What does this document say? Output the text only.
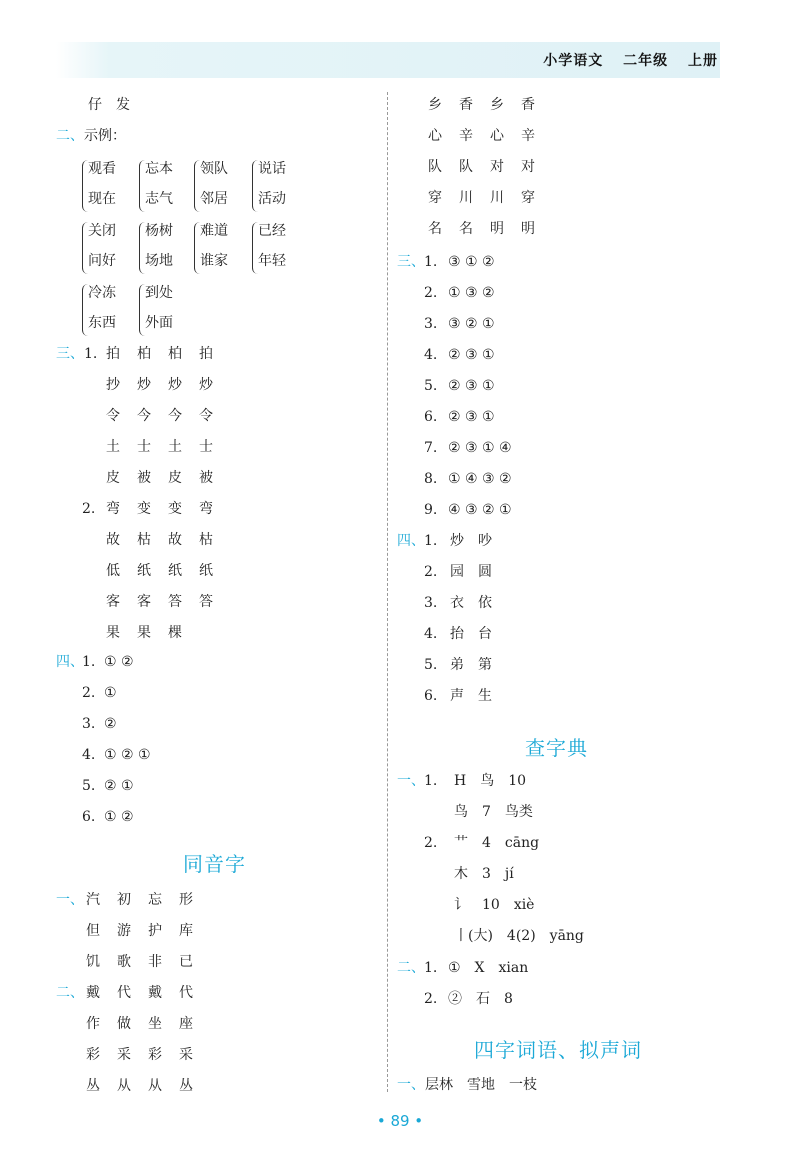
小学语文 二年级 上册
仔　发
二、示例：
观看
现在
忘本
志气
领队
邻居
说话
活动
关闭
问好
杨树
场地
难道
谁家
已经
年轻
冷冻
东西
到处
外面
三、1. 拍 柏 柏 拍
抄 炒 炒 炒
令 今 今 令
土 士 土 士
皮 被 皮 被
2. 弯 变 变 弯
故 枯 故 枯
低 纸 纸 纸
客 客 答 答
果 果 棵
四、
1. ① ②
2. ①
3. ②
4. ① ② ①
5. ② ①
6. ① ②
同音字
一、 汽 初 忘 形
但 游 护 库
饥 歌 非 已
二、 戴 代 戴 代
作 做 坐 座
彩 采 彩 采
丛 从 从 丛
乡 香 乡 香
心 辛 心 辛
队 队 对 对
穿 川 川 穿
名 名 明 明
三、 1. ③ ① ②
2. ① ③ ②
3. ③ ② ①
4. ② ③ ①
5. ② ③ ①
6. ② ③ ①
7. ② ③ ① ④
8. ① ④ ③ ②
9. ④ ③ ② ①
四、 1. 炒　吵
2. 园　圆
3. 衣　依
4. 抬　台
5. 弟　第
6. 声　生
查字典
一、 1. H　鸟　10
鸟　7　鸟类
2. 艹　4　cāng
木　3　jí
讠　10　xiè
丨(大)　4(2)　yāng
二、 1. ①　X　xian
2. ②　石　8
四字词语、拟声词
一、层林　雪地　一枝
• 89 •
